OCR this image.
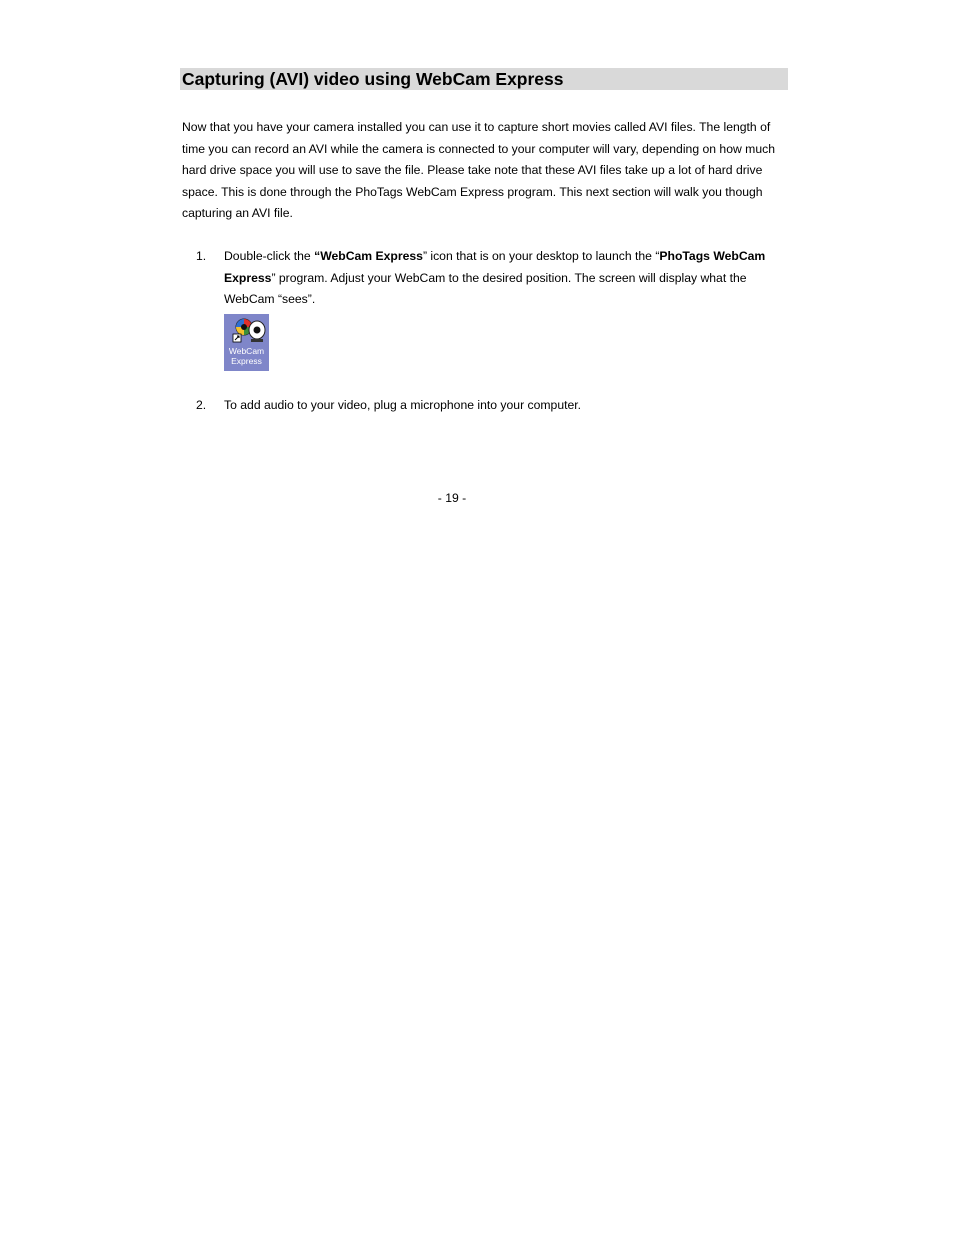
Capturing (AVI) video using WebCam Express
Now that you have your camera installed you can use it to capture short movies called AVI files. The length of time you can record an AVI while the camera is connected to your computer will vary, depending on how much hard drive space you will use to save the file. Please take note that these AVI files take up a lot of hard drive space. This is done through the PhoTags WebCam Express program. This next section will walk you though capturing an AVI file.
1. Double-click the “WebCam Express” icon that is on your desktop to launch the “PhoTags WebCam Express” program. Adjust your WebCam to the desired position. The screen will display what the WebCam “sees”.
WebCam
Express
2. To add audio to your video, plug a microphone into your computer.
- 19 -
